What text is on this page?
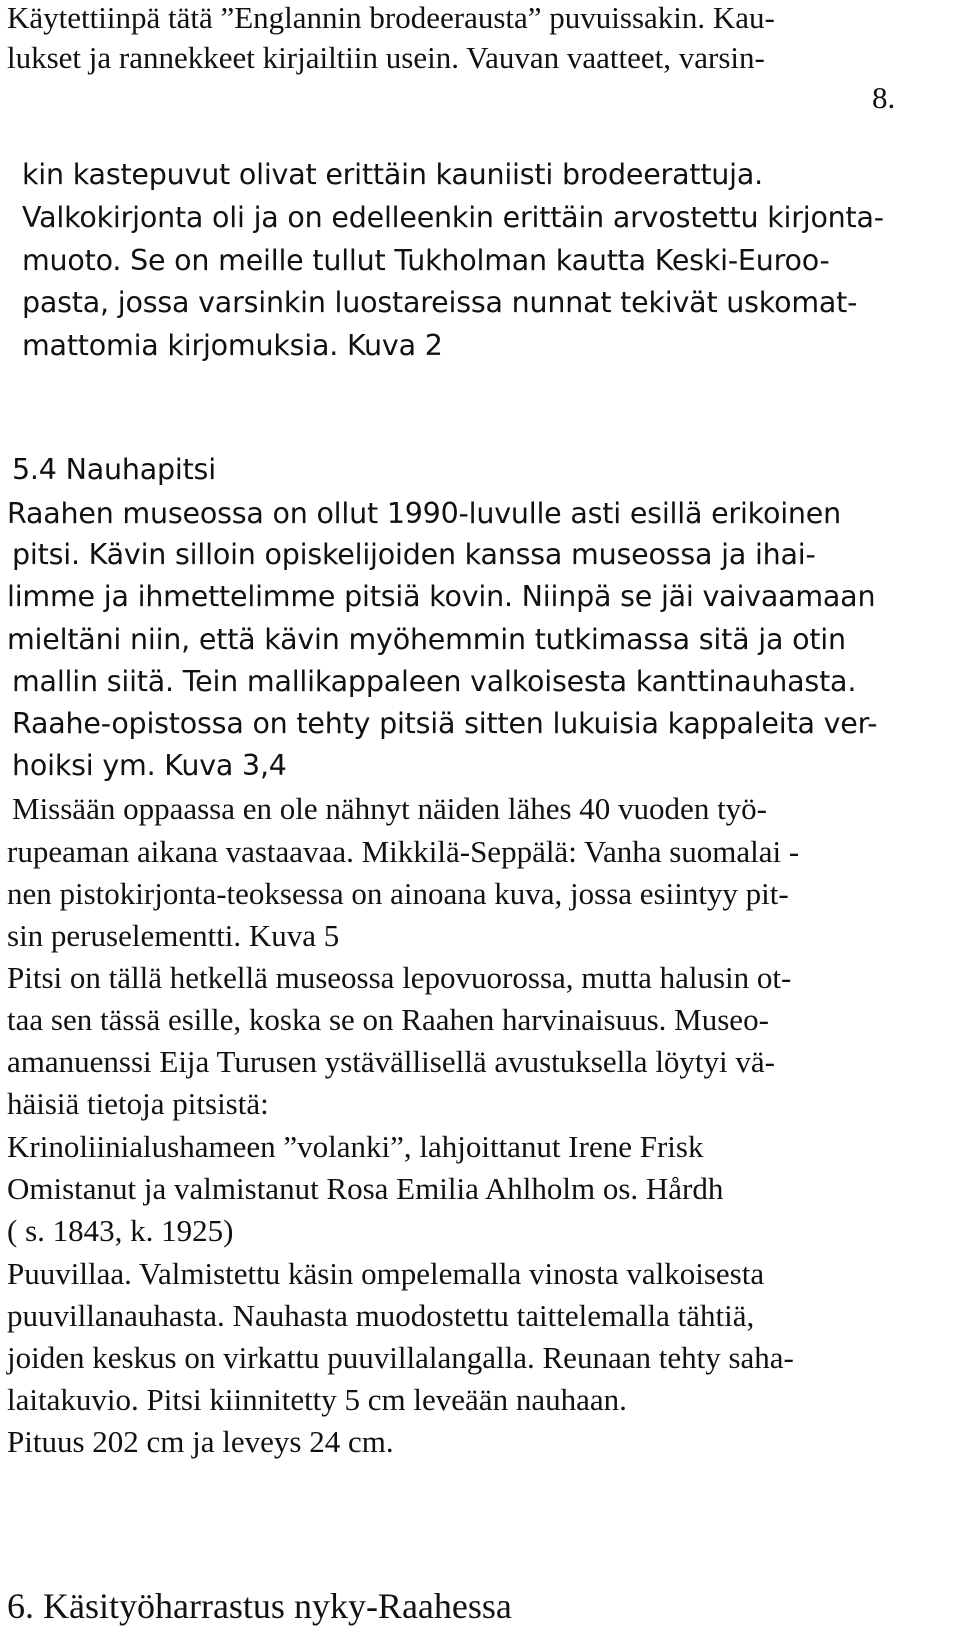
Käytettiinpä tätä ”Englannin brodeerausta” puvuissakin. Kau-
lukset ja rannekkeet kirjailtiin usein. Vauvan vaatteet, varsin-
8.
kin kastepuvut olivat erittäin kauniisti brodeerattuja.
Valkokirjonta oli ja on edelleenkin erittäin arvostettu kirjonta-
muoto. Se on meille tullut Tukholman kautta Keski-Euroo-
pasta, jossa varsinkin luostareissa nunnat tekivät uskomat-
mattomia kirjomuksia. Kuva 2
5.4 Nauhapitsi
Raahen museossa on ollut 1990-luvulle asti esillä erikoinen
pitsi. Kävin silloin opiskelijoiden kanssa museossa ja ihai-
limme ja ihmettelimme pitsiä kovin. Niinpä se jäi vaivaamaan
mieltäni niin, että kävin myöhemmin tutkimassa sitä ja otin
mallin siitä. Tein mallikappaleen valkoisesta kanttinauhasta.
Raahe-opistossa on tehty pitsiä sitten lukuisia kappaleita ver-
hoiksi ym. Kuva 3,4
Missään oppaassa en ole nähnyt näiden lähes 40 vuoden työ-
rupeaman aikana vastaavaa. Mikkilä-Seppälä: Vanha suomalai -
nen pistokirjonta-teoksessa on ainoana kuva, jossa esiintyy pit-
sin peruselementti. Kuva 5
Pitsi on tällä hetkellä museossa lepovuorossa, mutta halusin ot-
taa sen tässä esille, koska se on Raahen harvinaisuus. Museo-
amanuenssi Eija Turusen ystävällisellä avustuksella löytyi vä-
häisiä tietoja pitsistä:
Krinoliinialushameen ”volanki”, lahjoittanut Irene Frisk
Omistanut ja valmistanut Rosa Emilia Ahlholm os. Hårdh
( s. 1843, k. 1925)
Puuvillaa. Valmistettu käsin ompelemalla vinosta valkoisesta
puuvillanauhasta. Nauhasta muodostettu taittelemalla tähtiä,
joiden keskus on virkattu puuvillalangalla. Reunaan tehty saha-
laitakuvio. Pitsi kiinnitetty 5 cm leveään nauhaan.
Pituus 202 cm ja leveys 24 cm.
6. Käsityöharrastus nyky-Raahessa
